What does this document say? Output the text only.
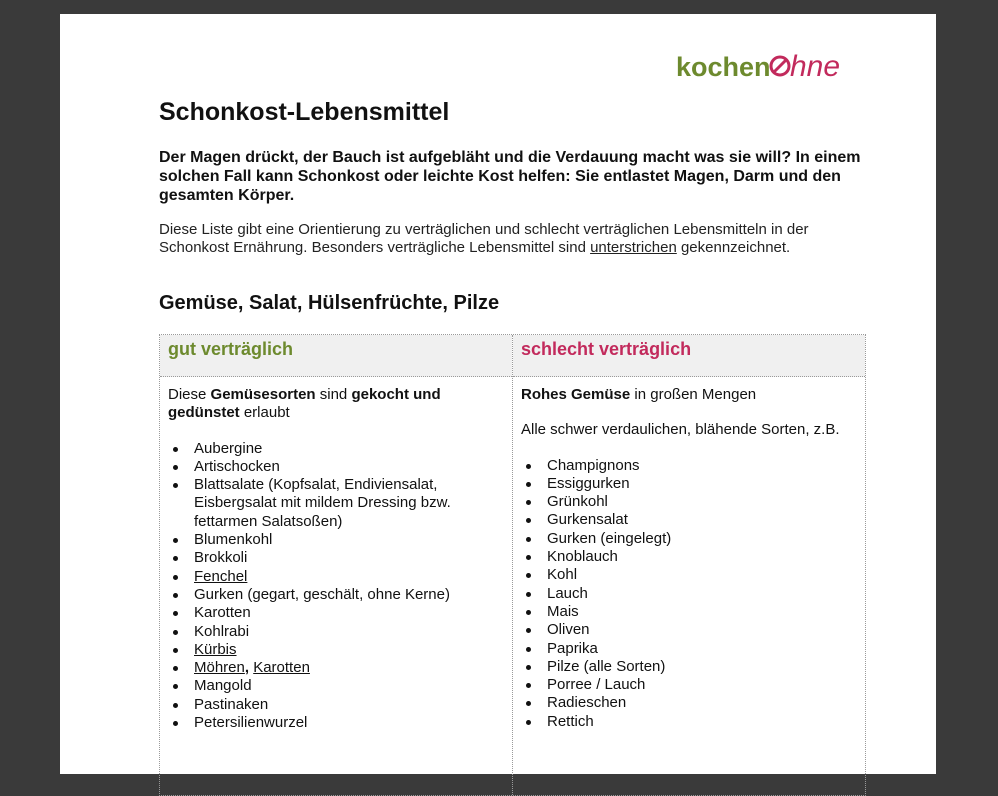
kochen hne
Schonkost-Lebensmittel

Der Magen drückt, der Bauch ist aufgebläht und die Verdauung macht was sie will? In einem solchen Fall kann Schonkost oder leichte Kost helfen: Sie entlastet Magen, Darm und den gesamten Körper.

Diese Liste gibt eine Orientierung zu verträglichen und schlecht verträglichen Lebensmitteln in der Schonkost Ernährung. Besonders verträgliche Lebensmittel sind unterstrichen gekennzeichnet.

Gemüse, Salat, Hülsenfrüchte, Pilze
gut verträglich

Diese Gemüsesorten sind gekocht und gedünstet erlaubt

Aubergine
Artischocken
Blattsalate (Kopfsalat, Endiviensalat, Eisbergsalat mit mildem Dressing bzw. fettarmen Salatsoßen)
Blumenkohl
Brokkoli
Fenchel
Gurken (gegart, geschält, ohne Kerne)
Karotten
Kohlrabi
Kürbis
Möhren, Karotten
Mangold
Pastinaken
Petersilienwurzel
schlecht verträglich

Rohes Gemüse in großen Mengen

Alle schwer verdaulichen, blähende Sorten, z.B.

Champignons
Essiggurken
Grünkohl
Gurkensalat
Gurken (eingelegt)
Knoblauch
Kohl
Lauch
Mais
Oliven
Paprika
Pilze (alle Sorten)
Porree / Lauch
Radieschen
Rettich
